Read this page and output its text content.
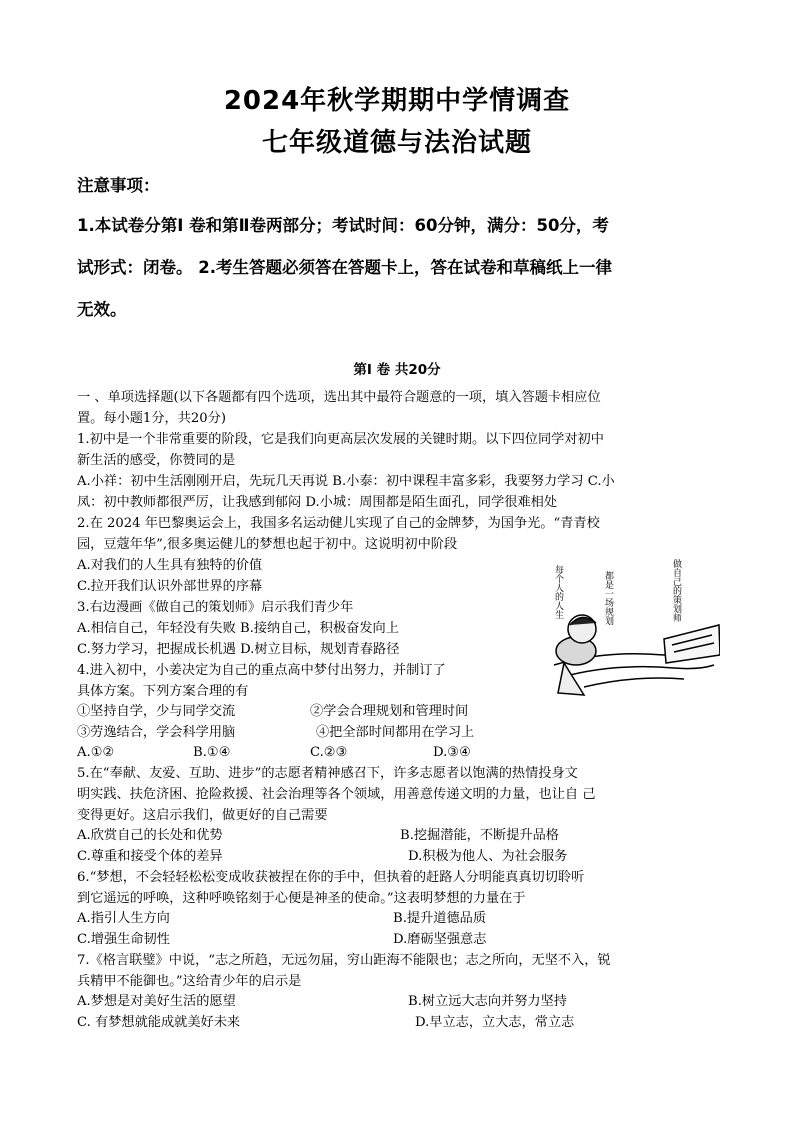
2024年秋学期期中学情调查
七年级道德与法治试题
注意事项：
1.本试卷分第Ⅰ 卷和第Ⅱ卷两部分；考试时间：60分钟，满分：50分，考
试形式：闭卷。 2.考生答题必须答在答题卡上，答在试卷和草稿纸上一律
无效。
第Ⅰ 卷 共20分
一 、单项选择题(以下各题都有四个选项，选出其中最符合题意的一项，填入答题卡相应位
置。每小题1分，共20分)
1.初中是一个非常重要的阶段，它是我们向更高层次发展的关键时期。以下四位同学对初中
新生活的感受，你赞同的是
A.小祥：初中生活刚刚开启，先玩几天再说 B.小泰：初中课程丰富多彩，我要努力学习 C.小
凤：初中教师都很严厉，让我感到郁闷 D.小城：周围都是陌生面孔，同学很难相处
2.在 2024 年巴黎奥运会上，我国多名运动健儿实现了自己的金牌梦，为国争光。“青青校
园，豆蔻年华”,很多奥运健儿的梦想也起于初中。这说明初中阶段
A.对我们的人生具有独特的价值
C.拉开我们认识外部世界的序幕
3.右边漫画《做自己的策划师》启示我们青少年
A.相信自己，年轻没有失败 B.接纳自己，积极奋发向上
C.努力学习，把握成长机遇 D.树立目标，规划青春路径
每个人的人生	都是一场规划	做自己的策划师
4.进入初中，小姜决定为自己的重点高中梦付出努力，并制订了
具体方案。下列方案合理的有
①坚持自学，少与同学交流	②学会合理规划和管理时间
③劳逸结合，学会科学用脑	④把全部时间都用在学习上
A.①②	B.①④	C.②③	D.③④
5.在“奉献、友爱、互助、进步”的志愿者精神感召下，许多志愿者以饱满的热情投身文
明实践、扶危济困、抢险救援、社会治理等各个领域，用善意传递文明的力量，也让自 己
变得更好。这启示我们，做更好的自己需要
A.欣赏自己的长处和优势	B.挖掘潜能，不断提升品格
C.尊重和接受个体的差异	D.积极为他人、为社会服务
6.“梦想，不会轻轻松松变成收获被捏在你的手中，但执着的赶路人分明能真真切切聆听
到它遥远的呼唤，这种呼唤铭刻于心便是神圣的使命。”这表明梦想的力量在于
A.指引人生方向	B.提升道德品质
C.增强生命韧性	D.磨砺坚强意志
7.《格言联璧》中说，“志之所趋，无远勿届，穷山距海不能限也；志之所向，无坚不入，锐
兵精甲不能御也。”这给青少年的启示是
A.梦想是对美好生活的愿望	B.树立远大志向并努力坚持
C. 有梦想就能成就美好未来	D.早立志，立大志，常立志
